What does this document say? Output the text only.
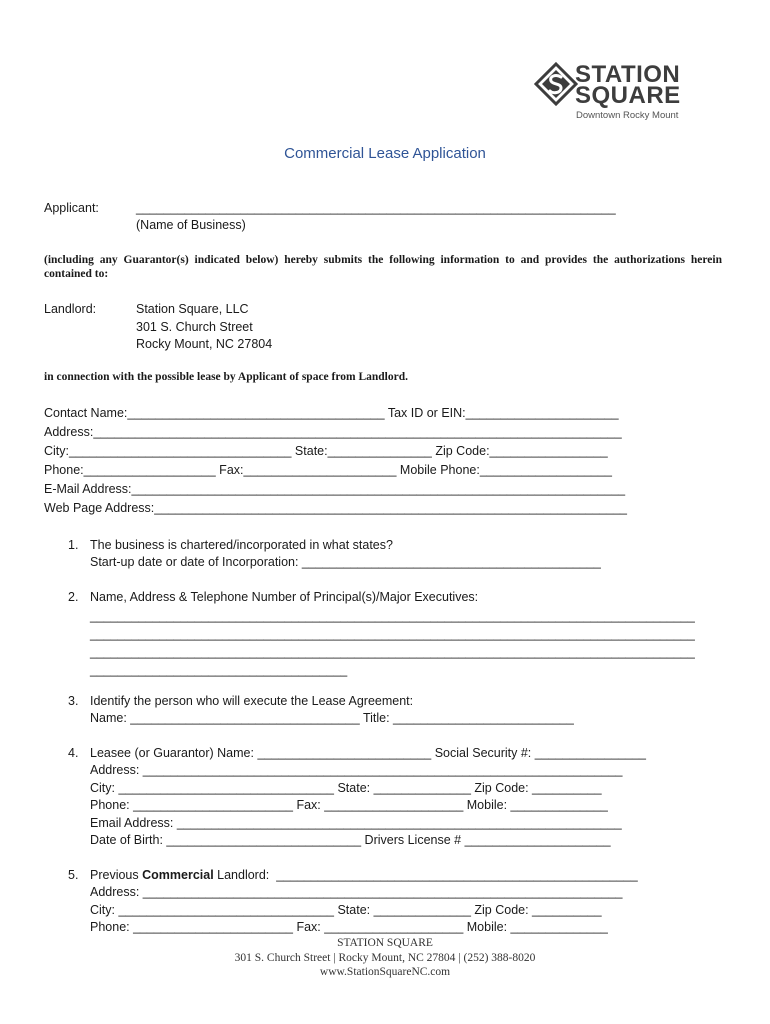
STATION
SQUARE
Downtown Rocky Mount
Commercial Lease Application
Applicant:	_____________________________________________________________________
(Name of Business)
(including any Guarantor(s) indicated below) hereby submits the following information to and provides the authorizations herein contained to:
Landlord:	Station Square, LLC
301 S. Church Street
Rocky Mount, NC 27804
in connection with the possible lease by Applicant of space from Landlord.
Contact Name:_____________________________________ Tax ID or EIN:______________________
Address:____________________________________________________________________________
City:________________________________ State:_______________ Zip Code:_________________
Phone:___________________ Fax:______________________ Mobile Phone:___________________
E-Mail Address:_______________________________________________________________________
Web Page Address:____________________________________________________________________
1. The business is chartered/incorporated in what states?
Start-up date or date of Incorporation: ___________________________________________
2. Name, Address & Telephone Number of Principal(s)/Major Executives:
_______________________________________________________________________________________
_______________________________________________________________________________________
_______________________________________________________________________________________
_____________________________________
3. Identify the person who will execute the Lease Agreement:
Name: _________________________________ Title: __________________________
4. Leasee (or Guarantor) Name: _________________________ Social Security #: ________________
Address: _____________________________________________________________________
City: _______________________________ State: ______________ Zip Code: __________
Phone: _______________________ Fax: ____________________ Mobile: ______________
Email Address: ________________________________________________________________
Date of Birth: ____________________________ Drivers License # _____________________
5. Previous Commercial Landlord:  ____________________________________________________
Address: _____________________________________________________________________
City: _______________________________ State: ______________ Zip Code: __________
Phone: _______________________ Fax: ____________________ Mobile: ______________
STATION SQUARE
301 S. Church Street | Rocky Mount, NC 27804 | (252) 388-8020
www.StationSquareNC.com
